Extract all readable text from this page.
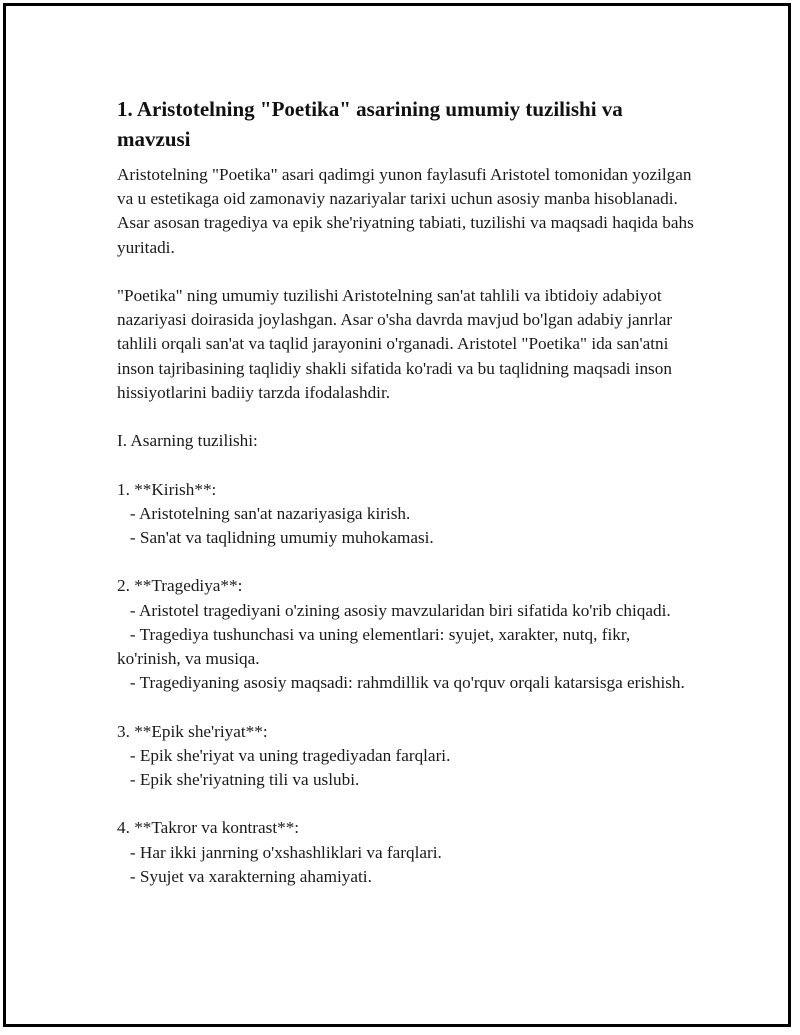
1. Aristotelning "Poetika" asarining umumiy tuzilishi va mavzusi

Aristotelning "Poetika" asari qadimgi yunon faylasufi Aristotel tomonidan yozilgan va u estetikaga oid zamonaviy nazariyalar tarixi uchun asosiy manba hisoblanadi. Asar asosan tragediya va epik she'riyatning tabiati, tuzilishi va maqsadi haqida bahs yuritadi.

"Poetika" ning umumiy tuzilishi Aristotelning san'at tahlili va ibtidoiy adabiyot nazariyasi doirasida joylashgan. Asar o'sha davrda mavjud bo'lgan adabiy janrlar tahlili orqali san'at va taqlid jarayonini o'rganadi. Aristotel "Poetika" ida san'atni inson tajribasining taqlidiy shakli sifatida ko'radi va bu taqlidning maqsadi inson hissiyotlarini badiiy tarzda ifodalashdir.

I. Asarning tuzilishi:

1. **Kirish**:

- Aristotelning san'at nazariyasiga kirish.

- San'at va taqlidning umumiy muhokamasi.

2. **Tragediya**:

- Aristotel tragediyani o'zining asosiy mavzularidan biri sifatida ko'rib chiqadi.

- Tragediya tushunchasi va uning elementlari: syujet, xarakter, nutq, fikr, ko'rinish, va musiqa.

- Tragediyaning asosiy maqsadi: rahmdillik va qo'rquv orqali katarsisga erishish.

3. **Epik she'riyat**:

- Epik she'riyat va uning tragediyadan farqlari.

- Epik she'riyatning tili va uslubi.

4. **Takror va kontrast**:

- Har ikki janrning o'xshashliklari va farqlari.

- Syujet va xarakterning ahamiyati.
